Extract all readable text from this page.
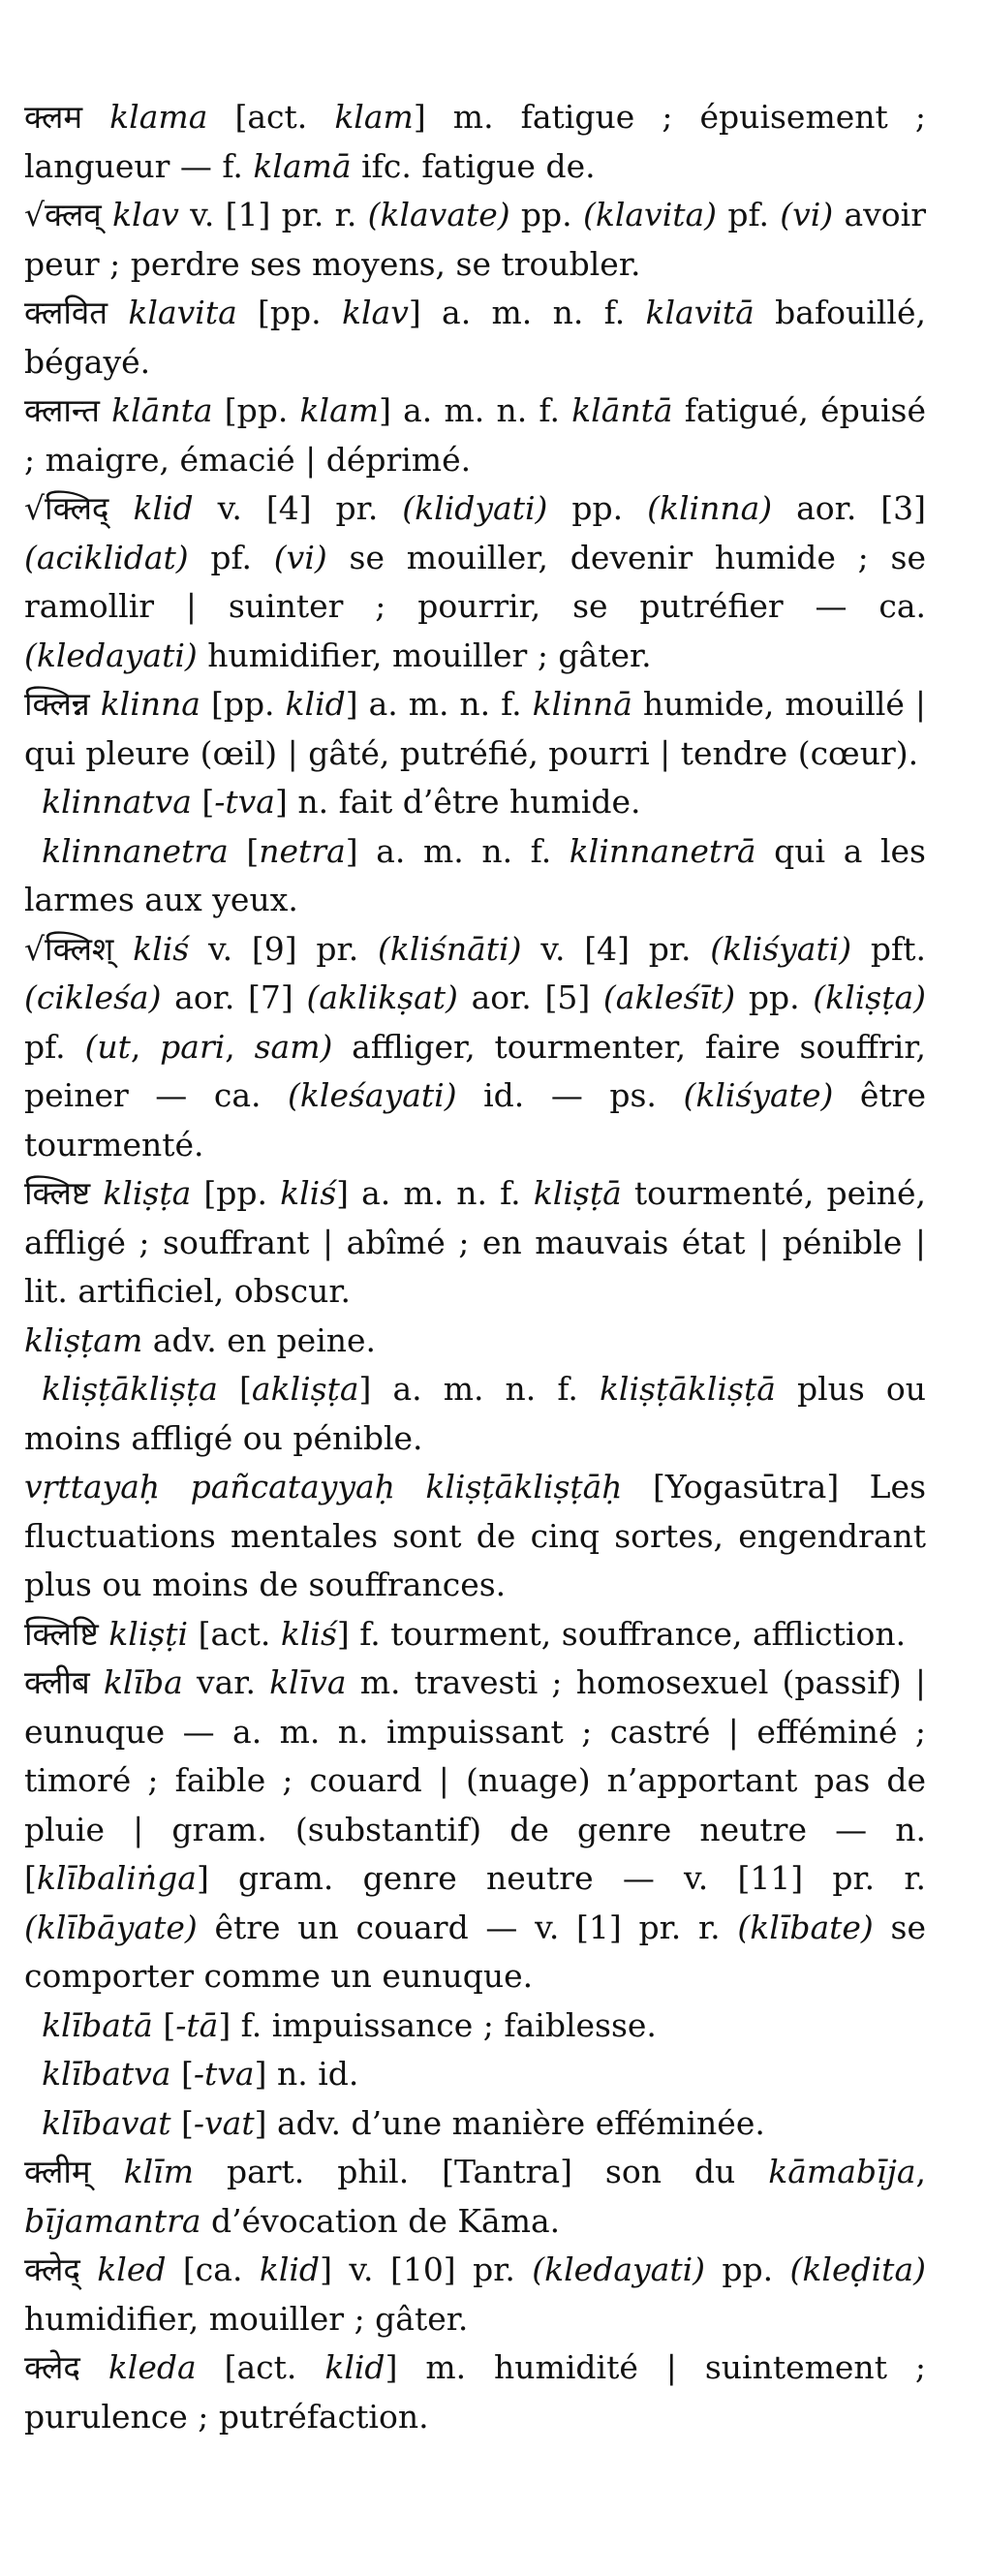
क्लम klama [act. klam] m. fatigue ; épuisement ; langueur — f. klamā ifc. fatigue de.

√क्लव् klav v. [1] pr. r. (klavate) pp. (klavita) pf. (vi) avoir peur ; perdre ses moyens, se troubler.

क्लवित klavita [pp. klav] a. m. n. f. klavitā bafouillé, bégayé.

क्लान्त klānta [pp. klam] a. m. n. f. klāntā fatigué, épuisé ; maigre, émacié | déprimé.

√क्लिद् klid v. [4] pr. (klidyati) pp. (klinna) aor. [3] (aciklidat) pf. (vi) se mouiller, devenir humide ; se ramollir | suinter ; pourrir, se putréfier — ca. (kledayati) humidifier, mouiller ; gâter.

क्लिन्न klinna [pp. klid] a. m. n. f. klinnā humide, mouillé | qui pleure (œil) | gâté, putréfié, pourri | tendre (cœur).

klinnatva [-tva] n. fait d’être humide.

klinnanetra [netra] a. m. n. f. klinnanetrā qui a les larmes aux yeux.

√क्लिश् kliś v. [9] pr. (kliśnāti) v. [4] pr. (kliśyati) pft. (cikleśa) aor. [7] (aklikṣat) aor. [5] (akleśīt) pp. (kliṣṭa) pf. (ut, pari, sam) affliger, tourmenter, faire souffrir, peiner — ca. (kleśayati) id. — ps. (kliśyate) être tourmenté.

क्लिष्ट kliṣṭa [pp. kliś] a. m. n. f. kliṣṭā tourmenté, peiné, affligé ; souffrant | abîmé ; en mauvais état | pénible | lit. artificiel, obscur.

kliṣṭam adv. en peine.

kliṣṭākliṣṭa [akliṣṭa] a. m. n. f. kliṣṭākliṣṭā plus ou moins affligé ou pénible.

vṛttayaḥ pañcatayyaḥ kliṣṭākliṣṭāḥ [Yogasūtra] Les fluctuations mentales sont de cinq sortes, engendrant plus ou moins de souffrances.

क्लिष्टि kliṣṭi [act. kliś] f. tourment, souffrance, affliction.

क्लीब klība var. klīva m. travesti ; homosexuel (passif) | eunuque — a. m. n. impuissant ; castré | efféminé ; timoré ; faible ; couard | (nuage) n’apportant pas de pluie | gram. (substantif) de genre neutre — n. [klībaliṅga] gram. genre neutre — v. [11] pr. r. (klībāyate) être un couard — v. [1] pr. r. (klībate) se comporter comme un eunuque.

klībatā [-tā] f. impuissance ; faiblesse.

klībatva [-tva] n. id.

klībavat [-vat] adv. d’une manière efféminée.

क्लीम् klīm part. phil. [Tantra] son du kāmabīja, bījamantra d’évocation de Kāma.

क्लेद् kled [ca. klid] v. [10] pr. (kledayati) pp. (kleḍita) humidifier, mouiller ; gâter.

क्लेद kleda [act. klid] m. humidité | suintement ; purulence ; putréfaction.
